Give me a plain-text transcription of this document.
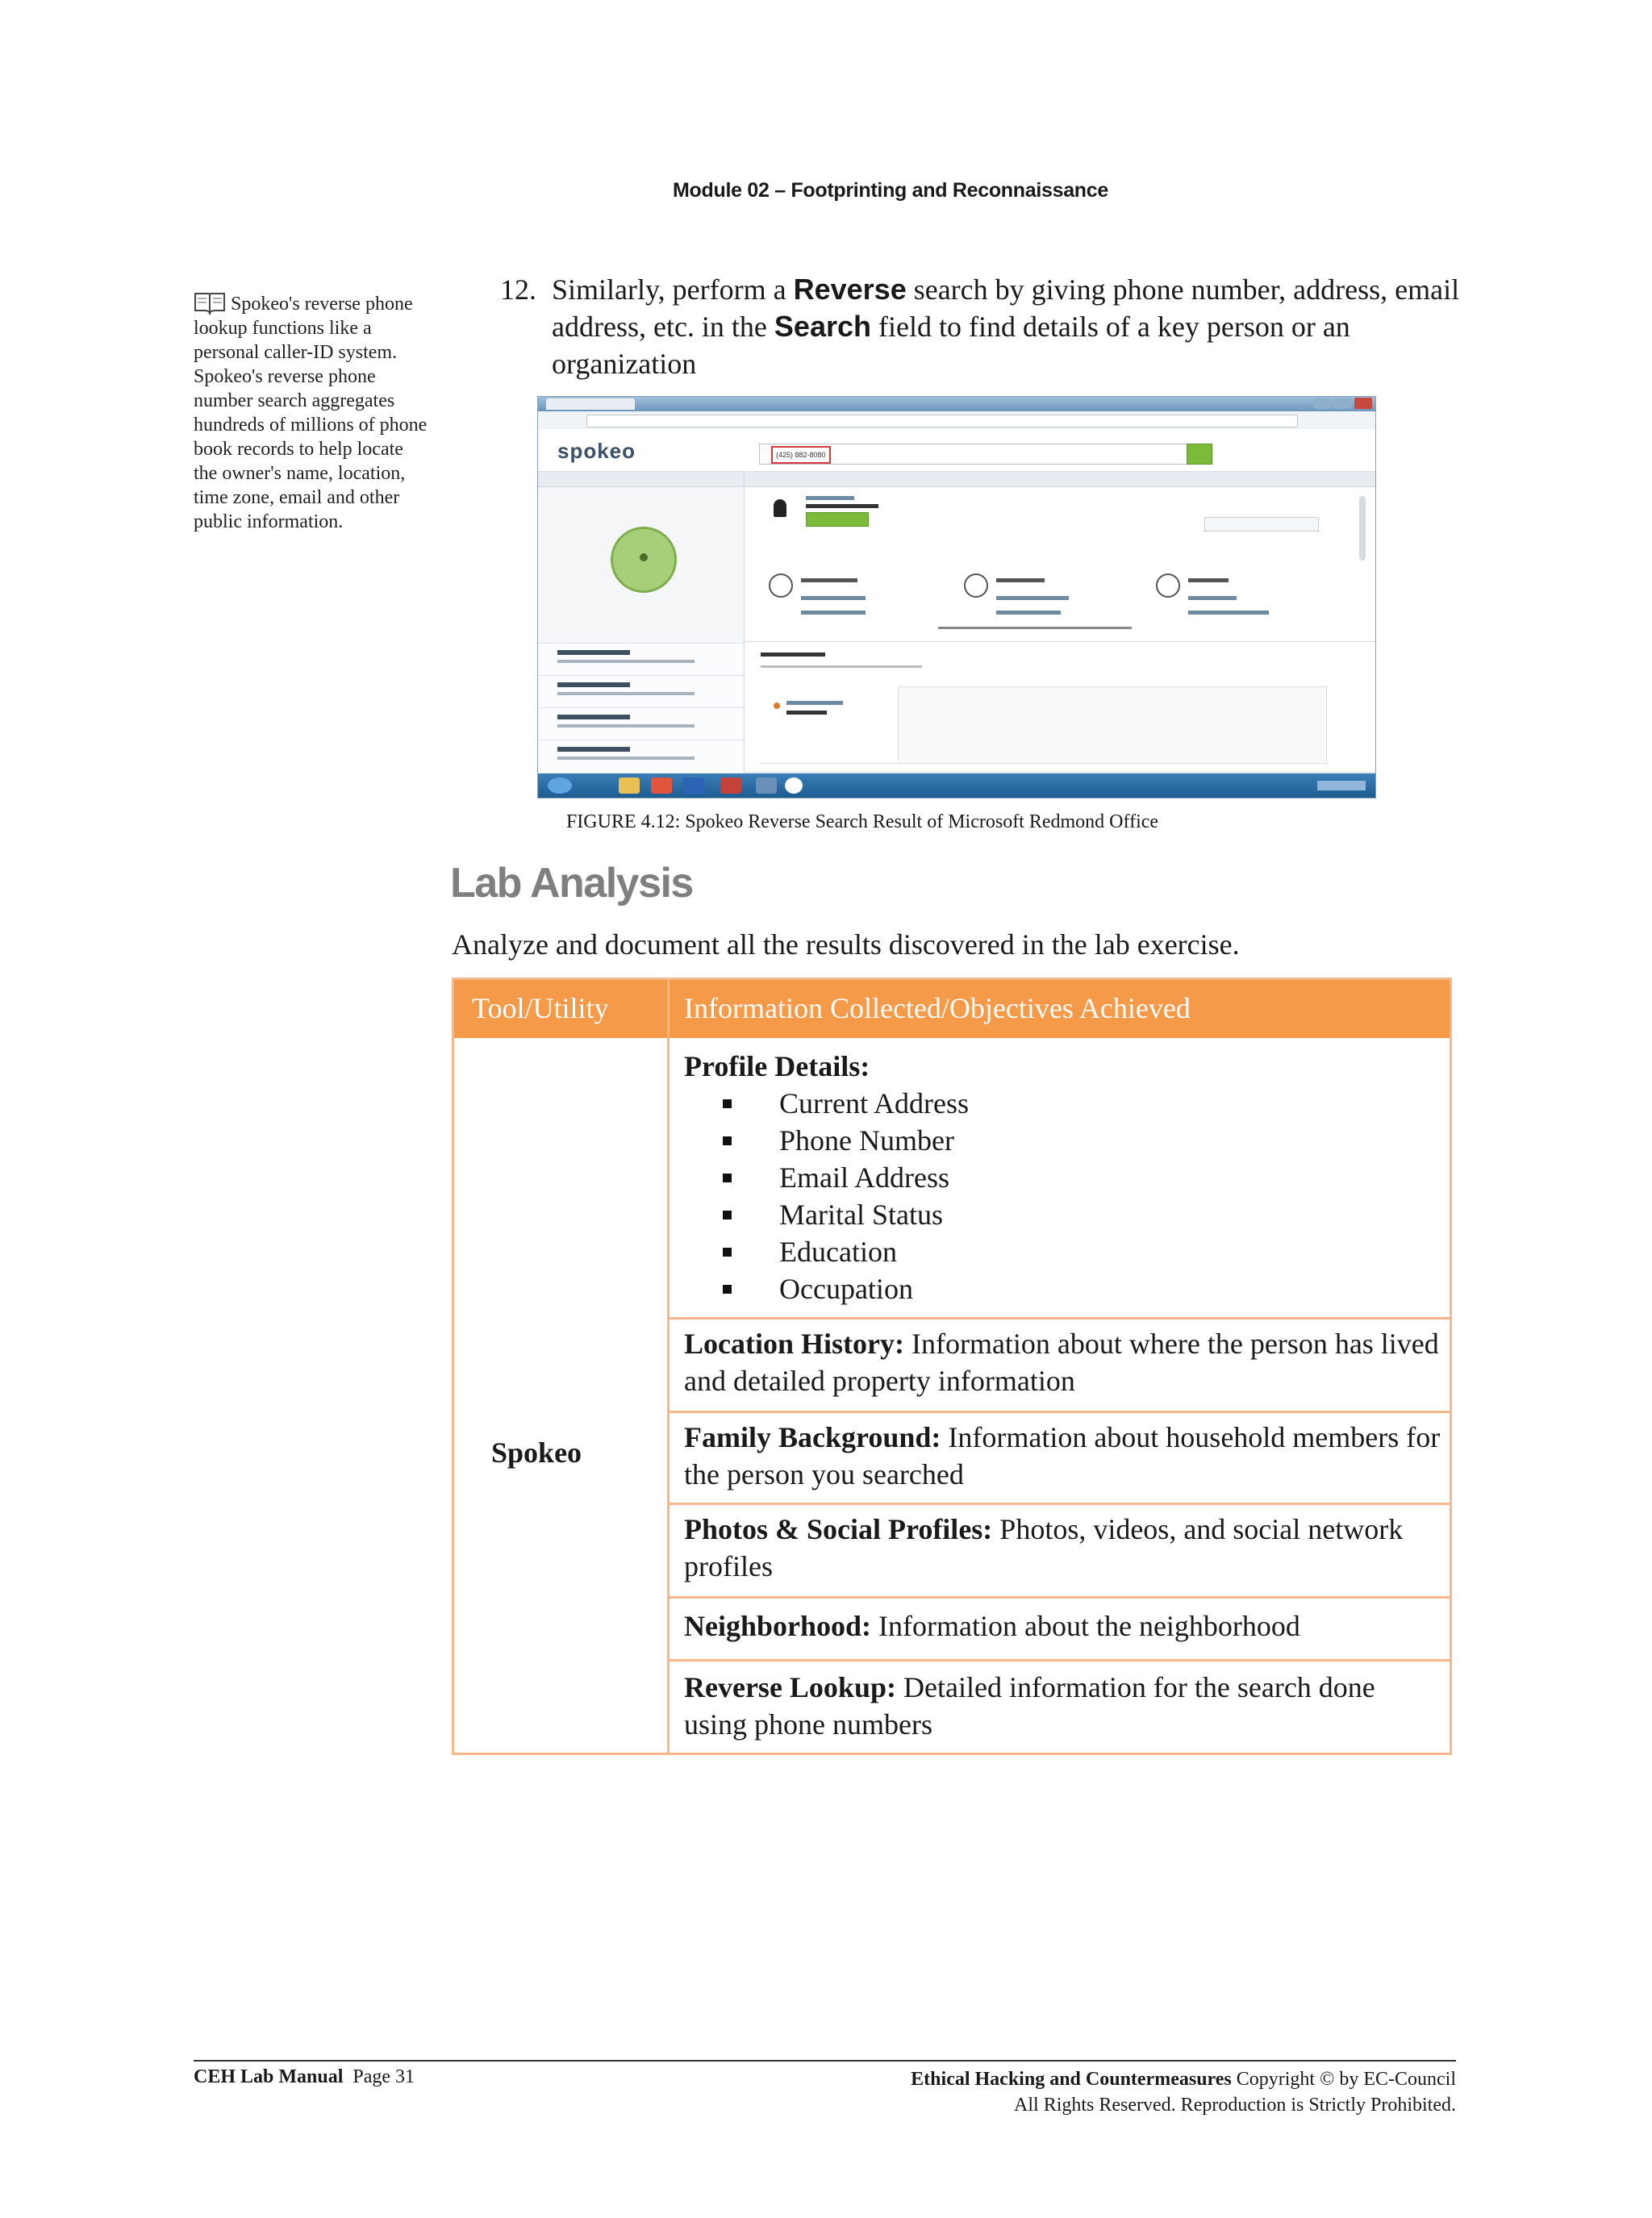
Module 02 – Footprinting and Reconnaissance
Spokeo's reverse phone lookup functions like a personal caller-ID system. Spokeo's reverse phone number search aggregates hundreds of millions of phone book records to help locate the owner's name, location, time zone, email and other public information.
12. Similarly, perform a Reverse search by giving phone number, address, email address, etc. in the Search field to find details of a key person or an organization
spokeo	(425) 882-8080
FIGURE 4.12: Spokeo Reverse Search Result of Microsoft Redmond Office
Lab Analysis
Analyze and document all the results discovered in the lab exercise.
Tool/Utility	Information Collected/Objectives Achieved
Spokeo
Profile Details:
Current Address
Phone Number
Email Address
Marital Status
Education
Occupation
Location History: Information about where the person has lived and detailed property information
Family Background: Information about household members for the person you searched
Photos & Social Profiles: Photos, videos, and social network profiles
Neighborhood: Information about the neighborhood
Reverse Lookup: Detailed information for the search done using phone numbers
CEH Lab Manual Page 31	Ethical Hacking and Countermeasures Copyright © by EC-Council
All Rights Reserved. Reproduction is Strictly Prohibited.
